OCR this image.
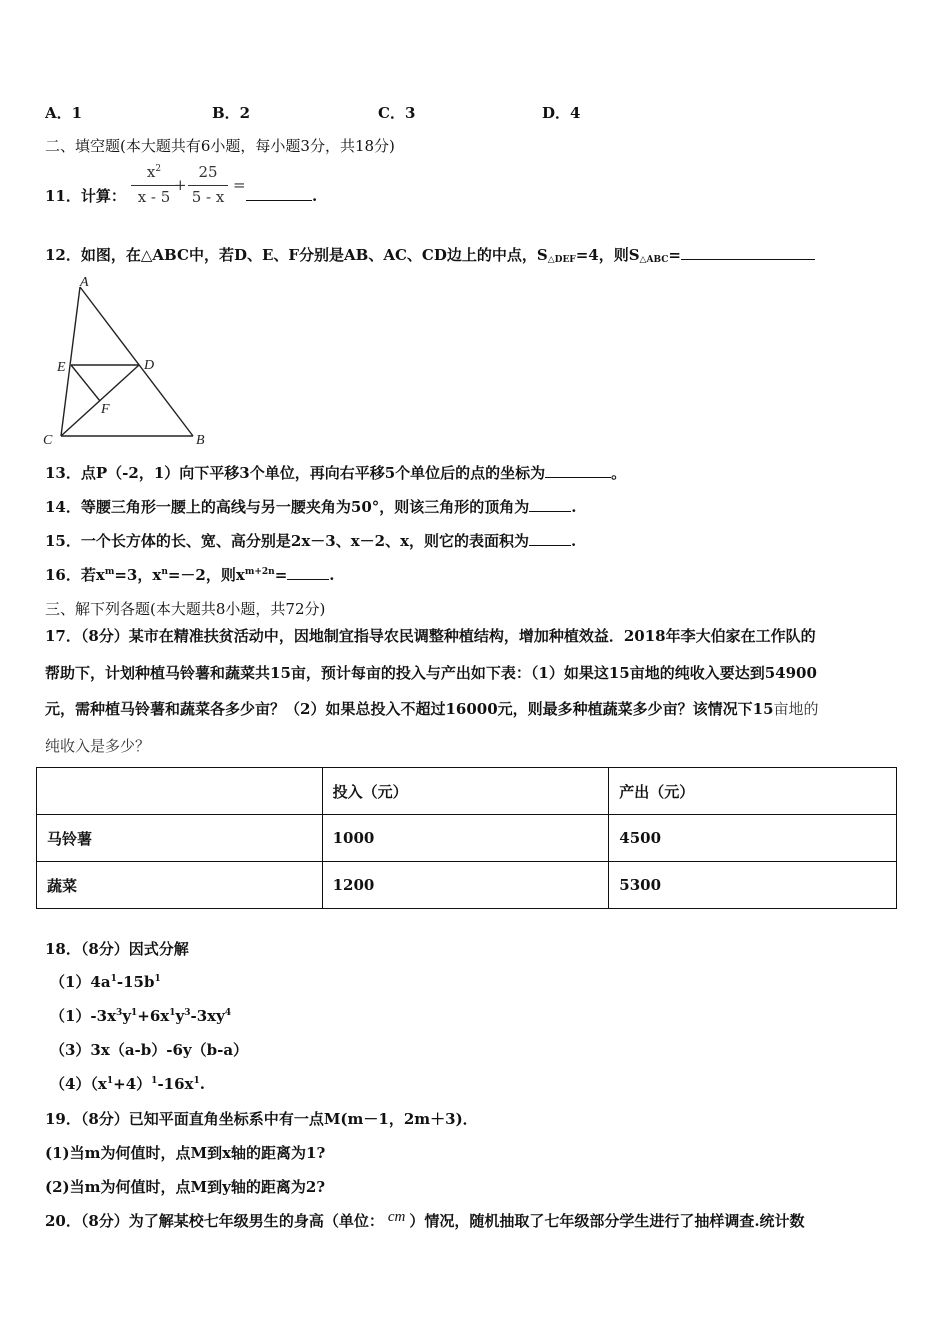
A．1	B．2	C．3	D．4
二、填空题(本大题共有6小题，每小题3分，共18分)
11．计算：
$x^2$
x - 5
+
25
5 - x
=
.
12．如图，在△ABC中，若D、E、F分别是AB、AC、CD边上的中点，$S_{\triangle DEF}=4$，则$S_{\triangle ABC}=$
A
E	D
F
C	B
13．点P（-2，1）向下平移3个单位，再向右平移5个单位后的点的坐标为	。
14．等腰三角形一腰上的高线与另一腰夹角为50°，则该三角形的顶角为	.
15．一个长方体的长、宽、高分别是2x－3、x－2、x，则它的表面积为	.
16．若$x^m=3$，$x^n=-2$，则$x^{m+2n}=$	.
三、解下列各题(本大题共8小题，共72分)
17．（8分）某市在精准扶贫活动中，因地制宜指导农民调整种植结构，增加种植效益．2018年李大伯家在工作队的
帮助下，计划种植马铃薯和蔬菜共15亩，预计每亩的投入与产出如下表：（1）如果这15亩地的纯收入要达到54900
元，需种植马铃薯和蔬菜各多少亩？（2）如果总投入不超过16000元，则最多种植蔬菜多少亩？该情况下15亩地的
纯收入是多少？
	投入（元）	产出（元）
马铃薯	1000	4500
蔬菜	1200	5300
18．（8分）因式分解
$(1)4a^1-15b^1$
$(1)-3x^3y^1+6x^1y^3-3xy^4$
（3）3x（a-b）-6y（b-a）
$(4)(x^1+4)^1-16x^1$.
19．（8分）已知平面直角坐标系中有一点M(m－1，2m＋3)．
(1)当m为何值时，点M到x轴的距离为1?
(2)当m为何值时，点M到y轴的距离为2?
20．（8分）为了解某校七年级男生的身高（单位： cm ）情况，随机抽取了七年级部分学生进行了抽样调查.统计数
